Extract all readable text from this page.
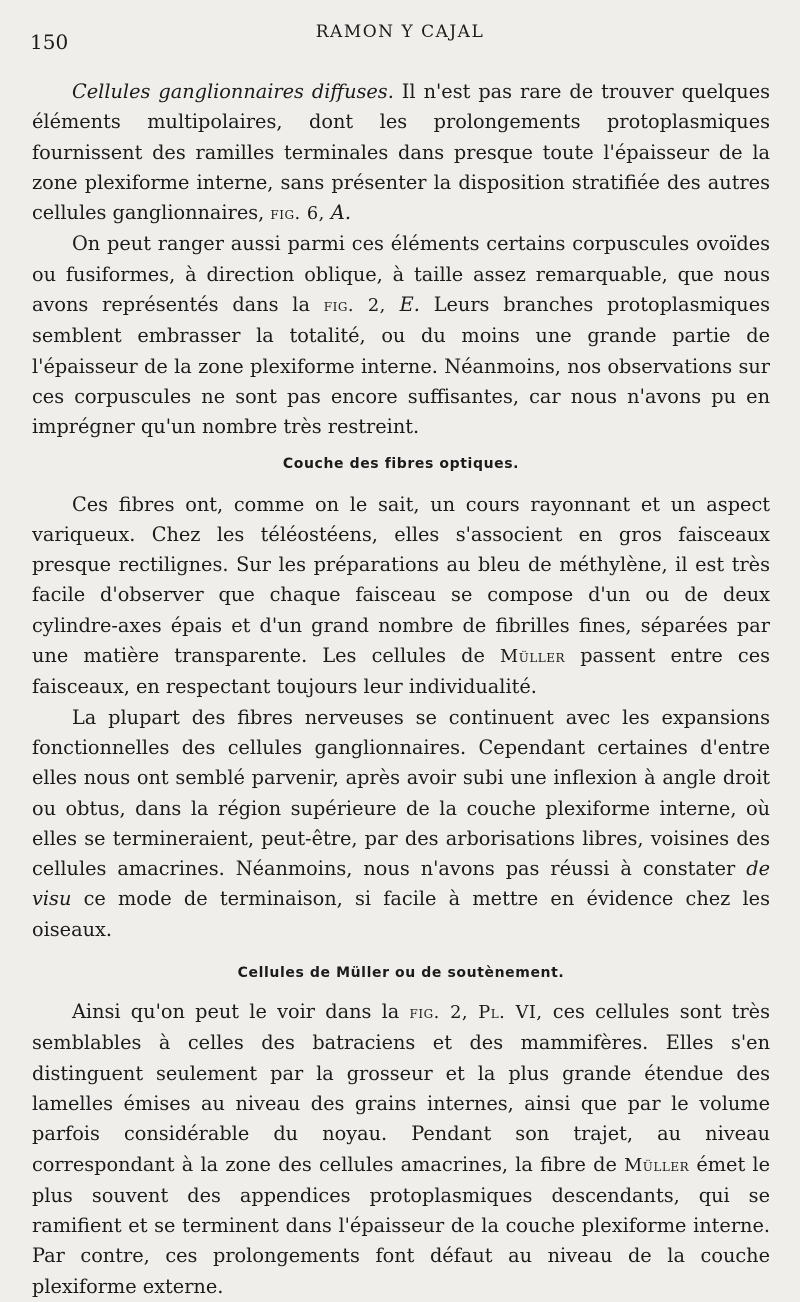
150	RAMON Y CAJAL

Cellules ganglionnaires diffuses. Il n'est pas rare de trouver quelques éléments multipolaires, dont les prolongements protoplasmiques fournissent des ramilles terminales dans presque toute l'épaisseur de la zone plexiforme interne, sans présenter la disposition stratifiée des autres cellules ganglionnaires, fig. 6, A.

On peut ranger aussi parmi ces éléments certains corpuscules ovoïdes ou fusiformes, à direction oblique, à taille assez remarquable, que nous avons représentés dans la fig. 2, E. Leurs branches protoplasmiques semblent embrasser la totalité, ou du moins une grande partie de l'épaisseur de la zone plexiforme interne. Néanmoins, nos observations sur ces corpuscules ne sont pas encore suffisantes, car nous n'avons pu en imprégner qu'un nombre très restreint.

Couche des fibres optiques.

Ces fibres ont, comme on le sait, un cours rayonnant et un aspect variqueux. Chez les téléostéens, elles s'associent en gros faisceaux presque rectilignes. Sur les préparations au bleu de méthylène, il est très facile d'observer que chaque faisceau se compose d'un ou de deux cylindre-axes épais et d'un grand nombre de fibrilles fines, séparées par une matière transparente. Les cellules de Müller passent entre ces faisceaux, en respectant toujours leur individualité.

La plupart des fibres nerveuses se continuent avec les expansions fonctionnelles des cellules ganglionnaires. Cependant certaines d'entre elles nous ont semblé parvenir, après avoir subi une inflexion à angle droit ou obtus, dans la région supérieure de la couche plexiforme interne, où elles se termineraient, peut-être, par des arborisations libres, voisines des cellules amacrines. Néanmoins, nous n'avons pas réussi à constater de visu ce mode de terminaison, si facile à mettre en évidence chez les oiseaux.

Cellules de Müller ou de soutènement.

Ainsi qu'on peut le voir dans la fig. 2, Pl. VI, ces cellules sont très semblables à celles des batraciens et des mammifères. Elles s'en distinguent seulement par la grosseur et la plus grande étendue des lamelles émises au niveau des grains internes, ainsi que par le volume parfois considérable du noyau. Pendant son trajet, au niveau correspondant à la zone des cellules amacrines, la fibre de Müller émet le plus souvent des appendices protoplasmiques descendants, qui se ramifient et se terminent dans l'épaisseur de la couche plexiforme interne. Par contre, ces prolongements font défaut au niveau de la couche plexiforme externe.
